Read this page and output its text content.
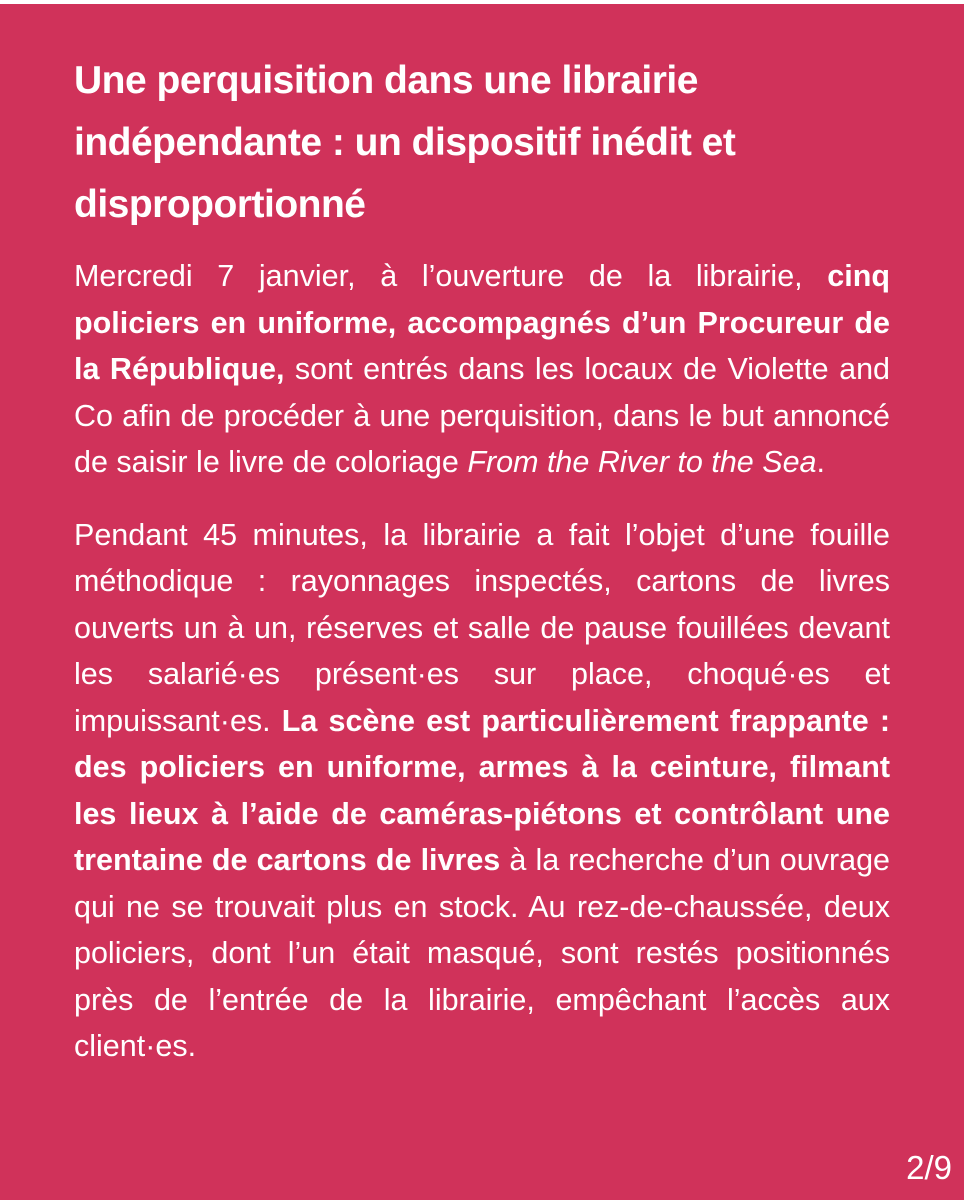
Une perquisition dans une librairie indépendante : un dispositif inédit et disproportionné

Mercredi 7 janvier, à l’ouverture de la librairie, cinq policiers en uniforme, accompagnés d’un Procureur de la République, sont entrés dans les locaux de Violette and Co afin de procéder à une perquisition, dans le but annoncé de saisir le livre de coloriage From the River to the Sea.

Pendant 45 minutes, la librairie a fait l’objet d’une fouille méthodique : rayonnages inspectés, cartons de livres ouverts un à un, réserves et salle de pause fouillées devant les salarié·es présent·es sur place, choqué·es et impuissant·es. La scène est particulièrement frappante : des policiers en uniforme, armes à la ceinture, filmant les lieux à l’aide de caméras-piétons et contrôlant une trentaine de cartons de livres à la recherche d’un ouvrage qui ne se trouvait plus en stock. Au rez-de-chaussée, deux policiers, dont l’un était masqué, sont restés positionnés près de l’entrée de la librairie, empêchant l’accès aux client·es.

2/9
